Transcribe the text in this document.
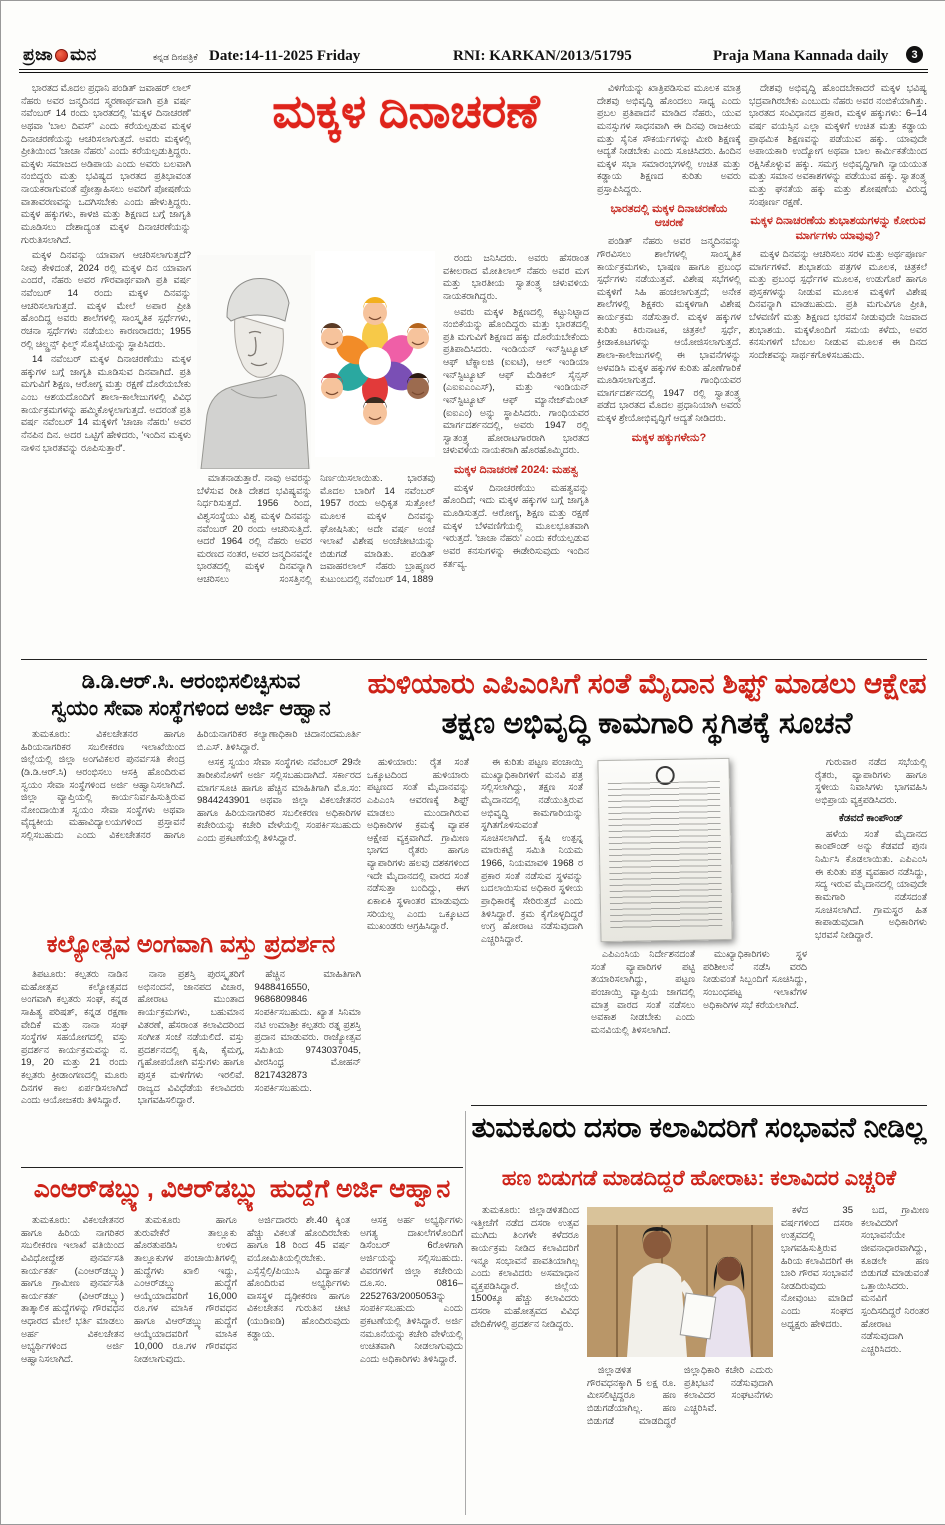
ಪ್ರಜಾ ಮನ	ಕನ್ನಡ ದಿನಪತ್ರಿಕೆ Date:14-11-2025 Friday	RNI: KARKAN/2013/51795	Praja Mana Kannada daily	3
ಮಕ್ಕಳ ದಿನಾಚರಣೆ

ಭಾರತದ ಮೊದಲ ಪ್ರಧಾನಿ ಪಂಡಿತ್ ಜವಾಹರ್ ಲಾಲ್ ನೆಹರು ಅವರ ಜನ್ಮದಿನದ ಸ್ಮರಣಾರ್ಥವಾಗಿ ಪ್ರತಿ ವರ್ಷ ನವೆಂಬರ್ 14 ರಂದು ಭಾರತದಲ್ಲಿ 'ಮಕ್ಕಳ ದಿನಾಚರಣೆ' ಅಥವಾ 'ಬಾಲ ದಿವಸ್' ಎಂದು ಕರೆಯಲ್ಪಡುವ ಮಕ್ಕಳ ದಿನಾಚರಣೆಯನ್ನು ಆಚರಿಸಲಾಗುತ್ತದೆ. ಅವರು ಮಕ್ಕಳಲ್ಲಿ ಪ್ರೀತಿಯಿಂದ 'ಚಾಚಾ ನೆಹರು' ಎಂದು ಕರೆಯಲ್ಪಡುತ್ತಿದ್ದರು. ಮಕ್ಕಳು ಸಮಾಜದ ಅಡಿಪಾಯ ಎಂದು ಅವರು ಬಲವಾಗಿ ನಂಬಿದ್ದರು ಮತ್ತು ಭವಿಷ್ಯದ ಭಾರತದ ಪ್ರತಿಭಾವಂತ ನಾಯಕರಾಗುವಂತೆ ಪ್ರೋತ್ಸಾಹಿಸಲು ಅವರಿಗೆ ಪೋಷಣೆಯ ವಾತಾವರಣವನ್ನು ಒದಗಿಸಬೇಕು ಎಂದು ಹೇಳುತ್ತಿದ್ದರು. ಮಕ್ಕಳ ಹಕ್ಕುಗಳು, ಕಾಳಜಿ ಮತ್ತು ಶಿಕ್ಷಣದ ಬಗ್ಗೆ ಜಾಗೃತಿ ಮೂಡಿಸಲು ದೇಶಾದ್ಯಂತ ಮಕ್ಕಳ ದಿನಾಚರಣೆಯನ್ನು ಗುರುತಿಸಲಾಗಿದೆ.

ಮಕ್ಕಳ ದಿನವನ್ನು ಯಾವಾಗ ಆಚರಿಸಲಾಗುತ್ತದೆ? ನೀವು ಕೇಳಿದಂತೆ, 2024 ರಲ್ಲಿ ಮಕ್ಕಳ ದಿನ ಯಾವಾಗ ಎಂದರೆ, ನೆಹರು ಅವರ ಗೌರವಾರ್ಥವಾಗಿ ಪ್ರತಿ ವರ್ಷ ನವೆಂಬರ್ 14 ರಂದು ಮಕ್ಕಳ ದಿನವನ್ನು ಆಚರಿಸಲಾಗುತ್ತದೆ. ಮಕ್ಕಳ ಮೇಲೆ ಅಪಾರ ಪ್ರೀತಿ ಹೊಂದಿದ್ದ ಅವರು ಶಾಲೆಗಳಲ್ಲಿ ಸಾಂಸ್ಕೃತಿಕ ಸ್ಪರ್ಧೆಗಳು, ರಚನಾ ಸ್ಪರ್ಧೆಗಳು ನಡೆಯಲು ಕಾರಣರಾದರು; 1955 ರಲ್ಲಿ ಚಿಲ್ಡ್ರನ್ಸ್ ಫಿಲ್ಮ್ ಸೊಸೈಟಿಯನ್ನು ಸ್ಥಾಪಿಸಿದರು.

14 ನವೆಂಬರ್ ಮಕ್ಕಳ ದಿನಾಚರಣೆಯು ಮಕ್ಕಳ ಹಕ್ಕುಗಳ ಬಗ್ಗೆ ಜಾಗೃತಿ ಮೂಡಿಸುವ ದಿನವಾಗಿದೆ. ಪ್ರತಿ ಮಗುವಿಗೆ ಶಿಕ್ಷಣ, ಆರೋಗ್ಯ ಮತ್ತು ರಕ್ಷಣೆ ದೊರೆಯಬೇಕು ಎಂಬ ಆಶಯದೊಂದಿಗೆ ಶಾಲಾ-ಕಾಲೇಜುಗಳಲ್ಲಿ ವಿವಿಧ ಕಾರ್ಯಕ್ರಮಗಳನ್ನು ಹಮ್ಮಿಕೊಳ್ಳಲಾಗುತ್ತದೆ. ಅದರಂತೆ ಪ್ರತಿ ವರ್ಷ ನವೆಂಬರ್ 14 ಮಕ್ಕಳಿಗೆ 'ಚಾಚಾ ನೆಹರು' ಅವರ ನೆನಪಿನ ದಿನ. ಅದರ ಒಟ್ಟಿಗೆ ಹೇಳಿದರು, 'ಇಂದಿನ ಮಕ್ಕಳು ನಾಳಿನ ಭಾರತವನ್ನು ರೂಪಿಸುತ್ತಾರೆ'.

ಮಾತನಾಡುತ್ತಾರೆ. ನಾವು ಅವರನ್ನು ಬೆಳೆಸುವ ರೀತಿ ದೇಶದ ಭವಿಷ್ಯವನ್ನು ನಿರ್ಧರಿಸುತ್ತದೆ. 1956 ರಿಂದ, ವಿಶ್ವಸಂಸ್ಥೆಯು ವಿಶ್ವ ಮಕ್ಕಳ ದಿನವನ್ನು ನವೆಂಬರ್ 20 ರಂದು ಆಚರಿಸುತ್ತಿದೆ. ಆದರೆ 1964 ರಲ್ಲಿ ನೆಹರು ಅವರ ಮರಣದ ನಂತರ, ಅವರ ಜನ್ಮದಿನವನ್ನೇ ಭಾರತದಲ್ಲಿ ಮಕ್ಕಳ ದಿನವನ್ನಾಗಿ ಆಚರಿಸಲು ಸಂಸತ್ತಿನಲ್ಲಿ ನಿರ್ಣಯಿಸಲಾಯಿತು. ಭಾರತವು ಮೊದಲ ಬಾರಿಗೆ 14 ನವೆಂಬರ್ 1957 ರಂದು ಅಧಿಕೃತ ಸುತ್ತೋಲೆ ಮೂಲಕ ಮಕ್ಕಳ ದಿನವನ್ನು ಘೋಷಿಸಿತು; ಅದೇ ವರ್ಷ ಅಂಚೆ ಇಲಾಖೆ ವಿಶೇಷ ಅಂಚೆಚೀಟಿಯನ್ನು ಬಿಡುಗಡೆ ಮಾಡಿತು. ಪಂಡಿತ್ ಜವಾಹರಲಾಲ್ ನೆಹರು ಬ್ರಾಹ್ಮಣರ ಕುಟುಂಬದಲ್ಲಿ ನವೆಂಬರ್ 14, 1889

ರಂದು ಜನಿಸಿದರು. ಅವರು ಹೆಸರಾಂತ ವಕೀಲರಾದ ಮೋತಿಲಾಲ್ ನೆಹರು ಅವರ ಮಗ ಮತ್ತು ಭಾರತೀಯ ಸ್ವಾತಂತ್ರ್ಯ ಚಳುವಳಿಯ ನಾಯಕರಾಗಿದ್ದರು.

ಅವರು ಮಕ್ಕಳ ಶಿಕ್ಷಣದಲ್ಲಿ ಕಟ್ಟುನಿಟ್ಟಾದ ನಂಬಿಕೆಯನ್ನು ಹೊಂದಿದ್ದರು ಮತ್ತು ಭಾರತದಲ್ಲಿ ಪ್ರತಿ ಮಗುವಿಗೆ ಶಿಕ್ಷಣದ ಹಕ್ಕು ದೊರೆಯಬೇಕೆಂದು ಪ್ರತಿಪಾದಿಸಿದರು. ಇಂಡಿಯನ್ ಇನ್‌ಸ್ಟಿಟ್ಯೂಟ್ ಆಫ್ ಟೆಕ್ನಾಲಜಿ (ಐಐಟಿ), ಆಲ್ ಇಂಡಿಯಾ ಇನ್‌ಸ್ಟಿಟ್ಯೂಟ್ ಆಫ್ ಮೆಡಿಕಲ್ ಸೈನ್ಸಸ್ (ಎಐಐಎಂಎಸ್), ಮತ್ತು ಇಂಡಿಯನ್ ಇನ್‌ಸ್ಟಿಟ್ಯೂಟ್ ಆಫ್ ಮ್ಯಾನೇಜ್‌ಮೆಂಟ್ (ಐಐಎಂ) ಅನ್ನು ಸ್ಥಾಪಿಸಿದರು. ಗಾಂಧಿಯವರ ಮಾರ್ಗದರ್ಶನದಲ್ಲಿ, ಅವರು 1947 ರಲ್ಲಿ ಸ್ವಾತಂತ್ರ್ಯ ಹೋರಾಟಗಾರರಾಗಿ ಭಾರತದ ಚಳುವಳಿಯ ನಾಯಕರಾಗಿ ಹೊರಹೊಮ್ಮಿದರು.

ಮಕ್ಕಳ ದಿನಾಚರಣೆ 2024: ಮಹತ್ವ

ಮಕ್ಕಳ ದಿನಾಚರಣೆಯು ಮಹತ್ವವನ್ನು ಹೊಂದಿದೆ; ಇದು ಮಕ್ಕಳ ಹಕ್ಕುಗಳ ಬಗ್ಗೆ ಜಾಗೃತಿ ಮೂಡಿಸುತ್ತದೆ. ಆರೋಗ್ಯ, ಶಿಕ್ಷಣ ಮತ್ತು ರಕ್ಷಣೆ ಮಕ್ಕಳ ಬೆಳವಣಿಗೆಯಲ್ಲಿ ಮೂಲಭೂತವಾಗಿ ಇರುತ್ತದೆ. 'ಚಾಚಾ ನೆಹರು' ಎಂದು ಕರೆಯಲ್ಪಡುವ ಅವರ ಕನಸುಗಳನ್ನು ಈಡೇರಿಸುವುದು ಇಂದಿನ ಕರ್ತವ್ಯ.

ವಿಳಿಗೆಯನ್ನು ಖಾತ್ರಿಪಡಿಸುವ ಮೂಲಕ ಮಾತ್ರ ದೇಶವು ಅಭಿವೃದ್ಧಿ ಹೊಂದಲು ಸಾಧ್ಯ ಎಂದು ಪ್ರಬಲ ಪ್ರತಿಪಾದನೆ ಮಾಡಿದ ನೆಹರು, ಯುವ ಮನಸ್ಸುಗಳ ಸಾಧನವಾಗಿ ಈ ದಿನವು ರಾಜಕೀಯ ಮತ್ತು ಸೈನಿಕ ಸೌಕರ್ಯಗಳನ್ನು ಮೀರಿ ಶಿಕ್ಷಣಕ್ಕೆ ಆದ್ಯತೆ ನೀಡಬೇಕು ಎಂದು ಸೂಚಿಸಿದರು. ಹಿಂದಿನ ಮಕ್ಕಳ ಸಭಾ ಸಮಾರಂಭಗಳಲ್ಲಿ ಉಚಿತ ಮತ್ತು ಕಡ್ಡಾಯ ಶಿಕ್ಷಣದ ಕುರಿತು ಅವರು ಪ್ರಸ್ತಾಪಿಸಿದ್ದರು.

ಭಾರತದಲ್ಲಿ ಮಕ್ಕಳ ದಿನಾಚರಣೆಯ ಆಚರಣೆ

ಪಂಡಿತ್ ನೆಹರು ಅವರ ಜನ್ಮದಿನವನ್ನು ಗೌರವಿಸಲು ಶಾಲೆಗಳಲ್ಲಿ ಸಾಂಸ್ಕೃತಿಕ ಕಾರ್ಯಕ್ರಮಗಳು, ಭಾಷಣ ಹಾಗೂ ಪ್ರಬಂಧ ಸ್ಪರ್ಧೆಗಳು ನಡೆಯುತ್ತವೆ. ವಿಶೇಷ ಸಭೆಗಳಲ್ಲಿ ಮಕ್ಕಳಿಗೆ ಸಿಹಿ ಹಂಚಲಾಗುತ್ತದೆ; ಅನೇಕ ಶಾಲೆಗಳಲ್ಲಿ ಶಿಕ್ಷಕರು ಮಕ್ಕಳಿಗಾಗಿ ವಿಶೇಷ ಕಾರ್ಯಕ್ರಮ ನಡೆಸುತ್ತಾರೆ. ಮಕ್ಕಳ ಹಕ್ಕುಗಳ ಕುರಿತು ಕಿರುನಾಟಕ, ಚಿತ್ರಕಲೆ ಸ್ಪರ್ಧೆ, ಕ್ರೀಡಾಕೂಟಗಳನ್ನು ಆಯೋಜಿಸಲಾಗುತ್ತದೆ. ಶಾಲಾ-ಕಾಲೇಜುಗಳಲ್ಲಿ ಈ ಭಾವನೆಗಳನ್ನು ಅಳವಡಿಸಿ ಮಕ್ಕಳ ಹಕ್ಕುಗಳ ಕುರಿತು ಹೊಣೆಗಾರಿಕೆ ಮೂಡಿಸಲಾಗುತ್ತದೆ. ಗಾಂಧಿಯವರ ಮಾರ್ಗದರ್ಶನದಲ್ಲಿ 1947 ರಲ್ಲಿ ಸ್ವಾತಂತ್ರ್ಯ ಪಡೆದ ಭಾರತದ ಮೊದಲ ಪ್ರಧಾನಿಯಾಗಿ ಅವರು ಮಕ್ಕಳ ಶ್ರೇಯೋಭಿವೃದ್ಧಿಗೆ ಆದ್ಯತೆ ನೀಡಿದರು.

ಮಕ್ಕಳ ಹಕ್ಕುಗಳೇನು?

ದೇಶವು ಅಭಿವೃದ್ಧಿ ಹೊಂದಬೇಕಾದರೆ ಮಕ್ಕಳ ಭವಿಷ್ಯ ಭದ್ರವಾಗಿರಬೇಕು ಎಂಬುದು ನೆಹರು ಅವರ ನಂಬಿಕೆಯಾಗಿತ್ತು. ಭಾರತದ ಸಂವಿಧಾನದ ಪ್ರಕಾರ, ಮಕ್ಕಳ ಹಕ್ಕುಗಳು: 6–14 ವರ್ಷ ವಯಸ್ಸಿನ ಎಲ್ಲಾ ಮಕ್ಕಳಿಗೆ ಉಚಿತ ಮತ್ತು ಕಡ್ಡಾಯ ಪ್ರಾಥಮಿಕ ಶಿಕ್ಷಣವನ್ನು ಪಡೆಯುವ ಹಕ್ಕು. ಯಾವುದೇ ಅಪಾಯಕಾರಿ ಉದ್ಯೋಗ ಅಥವಾ ಬಾಲ ಕಾರ್ಮಿಕತೆಯಿಂದ ರಕ್ಷಿಸಿಕೊಳ್ಳುವ ಹಕ್ಕು. ಸಮಗ್ರ ಅಭಿವೃದ್ಧಿಗಾಗಿ ನ್ಯಾಯಯುತ ಮತ್ತು ಸಮಾನ ಅವಕಾಶಗಳನ್ನು ಪಡೆಯುವ ಹಕ್ಕು. ಸ್ವಾತಂತ್ರ್ಯ ಮತ್ತು ಘನತೆಯ ಹಕ್ಕು ಮತ್ತು ಶೋಷಣೆಯ ವಿರುದ್ಧ ಸಂಪೂರ್ಣ ರಕ್ಷಣೆ.

ಮಕ್ಕಳ ದಿನಾಚರಣೆಯ ಶುಭಾಶಯಗಳನ್ನು ಕೋರುವ ಮಾರ್ಗಗಳು ಯಾವುವು?

ಮಕ್ಕಳ ದಿನವನ್ನು ಆಚರಿಸಲು ಸರಳ ಮತ್ತು ಅರ್ಥಪೂರ್ಣ ಮಾರ್ಗಗಳಿವೆ. ಶುಭಾಶಯ ಪತ್ರಗಳ ಮೂಲಕ, ಚಿತ್ರಕಲೆ ಮತ್ತು ಪ್ರಬಂಧ ಸ್ಪರ್ಧೆಗಳ ಮೂಲಕ, ಉಡುಗೊರೆ ಹಾಗೂ ಪುಸ್ತಕಗಳನ್ನು ನೀಡುವ ಮೂಲಕ ಮಕ್ಕಳಿಗೆ ವಿಶೇಷ ದಿನವನ್ನಾಗಿ ಮಾಡಬಹುದು. ಪ್ರತಿ ಮಗುವಿಗೂ ಪ್ರೀತಿ, ಬೆಳವಣಿಗೆ ಮತ್ತು ಶಿಕ್ಷಣದ ಭರವಸೆ ನೀಡುವುದೇ ನಿಜವಾದ ಶುಭಾಶಯ. ಮಕ್ಕಳೊಂದಿಗೆ ಸಮಯ ಕಳೆದು, ಅವರ ಕನಸುಗಳಿಗೆ ಬೆಂಬಲ ನೀಡುವ ಮೂಲಕ ಈ ದಿನದ ಸಂದೇಶವನ್ನು ಸಾರ್ಥಕಗೊಳಿಸಬಹುದು.

ಡಿ.ಡಿ.ಆರ್.ಸಿ. ಆರಂಭಿಸಲಿಚ್ಛಿಸುವ
ಸ್ವಯಂ ಸೇವಾ ಸಂಸ್ಥೆಗಳಿಂದ ಅರ್ಜಿ ಆಹ್ವಾನ

ತುಮಕೂರು: ವಿಕಲಚೇತನರ ಹಾಗೂ ಹಿರಿಯನಾಗರಿಕರ ಸಬಲೀಕರಣ ಇಲಾಖೆಯಿಂದ ಜಿಲ್ಲೆಯಲ್ಲಿ ಜಿಲ್ಲಾ ಅಂಗವಿಕಲರ ಪುನರ್ವಸತಿ ಕೇಂದ್ರ (ಡಿ.ಡಿ.ಆರ್.ಸಿ) ಆರಂಭಿಸಲು ಆಸಕ್ತಿ ಹೊಂದಿರುವ ಸ್ವಯಂ ಸೇವಾ ಸಂಸ್ಥೆಗಳಿಂದ ಅರ್ಜಿ ಆಹ್ವಾನಿಸಲಾಗಿದೆ. ಜಿಲ್ಲಾ ವ್ಯಾಪ್ತಿಯಲ್ಲಿ ಕಾರ್ಯನಿರ್ವಹಿಸುತ್ತಿರುವ ನೋಂದಾಯಿತ ಸ್ವಯಂ ಸೇವಾ ಸಂಸ್ಥೆಗಳು ಅಥವಾ ವೈದ್ಯಕೀಯ ಮಹಾವಿದ್ಯಾಲಯಗಳಿಂದ ಪ್ರಸ್ತಾವನೆ ಸಲ್ಲಿಸಬಹುದು ಎಂದು ವಿಕಲಚೇತನರ ಹಾಗೂ ಹಿರಿಯನಾಗರಿಕರ ಕಲ್ಯಾಣಾಧಿಕಾರಿ ಚಿದಾನಂದಮೂರ್ತಿ ಬಿ.ಎಸ್. ತಿಳಿಸಿದ್ದಾರೆ.

ಆಸಕ್ತ ಸ್ವಯಂ ಸೇವಾ ಸಂಸ್ಥೆಗಳು ನವೆಂಬರ್ 29ನೇ ತಾರೀಖಿನೊಳಗೆ ಅರ್ಜಿ ಸಲ್ಲಿಸಬಹುದಾಗಿದೆ. ಸರ್ಕಾರದ ಮಾರ್ಗಸೂಚಿ ಹಾಗೂ ಹೆಚ್ಚಿನ ಮಾಹಿತಿಗಾಗಿ ಮೊ.ಸಂ: 9844243901 ಅಥವಾ ಜಿಲ್ಲಾ ವಿಕಲಚೇತನರ ಹಾಗೂ ಹಿರಿಯನಾಗರಿಕರ ಸಬಲೀಕರಣ ಅಧಿಕಾರಿಗಳ ಕಚೇರಿಯನ್ನು ಕಚೇರಿ ವೇಳೆಯಲ್ಲಿ ಸಂಪರ್ಕಿಸಬಹುದು ಎಂದು ಪ್ರಕಟಣೆಯಲ್ಲಿ ತಿಳಿಸಿದ್ದಾರೆ.

ಕಲ್ಯೋತ್ಸವ ಅಂಗವಾಗಿ ವಸ್ತು ಪ್ರದರ್ಶನ

ತಿಪಟೂರು: ಕಲ್ಪತರು ನಾಡಿನ ಮಹೋತ್ಸವ ಕಲ್ಯೋತ್ಸವದ ಅಂಗವಾಗಿ ಕಲ್ಪತರು ಸಂಘ, ಕನ್ನಡ ಸಾಹಿತ್ಯ ಪರಿಷತ್, ಕನ್ನಡ ರಕ್ಷಣಾ ವೇದಿಕೆ ಮತ್ತು ನಾನಾ ಸಂಘ ಸಂಸ್ಥೆಗಳ ಸಹಯೋಗದಲ್ಲಿ ವಸ್ತು ಪ್ರದರ್ಶನ ಕಾರ್ಯಕ್ರಮವನ್ನು ನ. 19, 20 ಮತ್ತು 21 ರಂದು ಕಲ್ಪತರು ಕ್ರೀಡಾಂಗಣದಲ್ಲಿ ಮೂರು ದಿನಗಳ ಕಾಲ ಏರ್ಪಡಿಸಲಾಗಿದೆ ಎಂದು ಆಯೋಜಕರು ತಿಳಿಸಿದ್ದಾರೆ.

ನಾನಾ ಪ್ರಶಸ್ತಿ ಪುರಸ್ಕೃತರಿಗೆ ಅಭಿನಂದನೆ, ಜಾನಪದ ವಿಚಾರ, ಹೋರಾಟ ಮುಂತಾದ ಕಾರ್ಯಕ್ರಮಗಳು, ಬಹುಮಾನ ವಿತರಣೆ, ಹೆಸರಾಂತ ಕಲಾವಿದರಿಂದ ಸಂಗೀತ ಸಂಜೆ ನಡೆಯಲಿದೆ. ವಸ್ತು ಪ್ರದರ್ಶನದಲ್ಲಿ ಕೃಷಿ, ಕೈಮಗ್ಗ, ಗೃಹೋಪಯೋಗಿ ವಸ್ತುಗಳು ಹಾಗೂ ಪುಸ್ತಕ ಮಳಿಗೆಗಳು ಇರಲಿವೆ. ರಾಜ್ಯದ ವಿವಿಧೆಡೆಯ ಕಲಾವಿದರು ಭಾಗವಹಿಸಲಿದ್ದಾರೆ.

ಹೆಚ್ಚಿನ ಮಾಹಿತಿಗಾಗಿ 9488416550, 9686809846 ಸಂಪರ್ಕಿಸಬಹುದು. ಖ್ಯಾತ ಸಿನಿಮಾ ನಟಿ ಉಮಾಶ್ರೀ ಕಲ್ಪತರು ರತ್ನ ಪ್ರಶಸ್ತಿ ಪ್ರದಾನ ಮಾಡುವರು. ರಾಜ್ಯೋತ್ಸವ ಸಮಿತಿಯ 9743037045, ವೀರಸಿಂಧ್ರ ಮೋಹನ್ 8217432873 ಸಂಪರ್ಕಿಸಬಹುದು.

ಹುಳಿಯಾರು ಎಪಿಎಂಸಿಗೆ ಸಂತೆ ಮೈದಾನ ಶಿಫ್ಟ್ ಮಾಡಲು ಆಕ್ಷೇಪ
ತಕ್ಷಣ ಅಭಿವೃದ್ಧಿ ಕಾಮಗಾರಿ ಸ್ಥಗಿತಕ್ಕೆ ಸೂಚನೆ

ಹುಳಿಯಾರು: ರೈತ ಸಂತೆ ಒಕ್ಕೂಟದಿಂದ ಹುಳಿಯಾರು ಪಟ್ಟಣದ ಸಂತೆ ಮೈದಾನವನ್ನು ಎಪಿಎಂಸಿ ಆವರಣಕ್ಕೆ ಶಿಫ್ಟ್ ಮಾಡಲು ಮುಂದಾಗಿರುವ ಅಧಿಕಾರಿಗಳ ಕ್ರಮಕ್ಕೆ ವ್ಯಾಪಕ ಆಕ್ಷೇಪ ವ್ಯಕ್ತವಾಗಿದೆ. ಗ್ರಾಮೀಣ ಭಾಗದ ರೈತರು ಹಾಗೂ ವ್ಯಾಪಾರಿಗಳು ಹಲವು ದಶಕಗಳಿಂದ ಇದೇ ಮೈದಾನದಲ್ಲಿ ವಾರದ ಸಂತೆ ನಡೆಸುತ್ತಾ ಬಂದಿದ್ದು, ಈಗ ಏಕಾಏಕಿ ಸ್ಥಳಾಂತರ ಮಾಡುವುದು ಸರಿಯಲ್ಲ ಎಂದು ಒಕ್ಕೂಟದ ಮುಖಂಡರು ಆಗ್ರಹಿಸಿದ್ದಾರೆ.

ಈ ಕುರಿತು ಪಟ್ಟಣ ಪಂಚಾಯ್ತಿ ಮುಖ್ಯಾಧಿಕಾರಿಗಳಿಗೆ ಮನವಿ ಪತ್ರ ಸಲ್ಲಿಸಲಾಗಿದ್ದು, ತಕ್ಷಣ ಸಂತೆ ಮೈದಾನದಲ್ಲಿ ನಡೆಯುತ್ತಿರುವ ಅಭಿವೃದ್ಧಿ ಕಾಮಗಾರಿಯನ್ನು ಸ್ಥಗಿತಗೊಳಿಸುವಂತೆ ಸೂಚಿಸಲಾಗಿದೆ. ಕೃಷಿ ಉತ್ಪನ್ನ ಮಾರುಕಟ್ಟೆ ಸಮಿತಿ ನಿಯಮ 1966, ನಿಯಮಾವಳಿ 1968 ರ ಪ್ರಕಾರ ಸಂತೆ ನಡೆಸುವ ಸ್ಥಳವನ್ನು ಬದಲಾಯಿಸುವ ಅಧಿಕಾರ ಸ್ಥಳೀಯ ಪ್ರಾಧಿಕಾರಕ್ಕೆ ಸೇರಿರುತ್ತದೆ ಎಂದು ತಿಳಿಸಿದ್ದಾರೆ. ಕ್ರಮ ಕೈಗೊಳ್ಳದಿದ್ದರೆ ಉಗ್ರ ಹೋರಾಟ ನಡೆಸುವುದಾಗಿ ಎಚ್ಚರಿಸಿದ್ದಾರೆ.

ಎಪಿಎಂಸಿಯ ನಿರ್ದೇಶನದಂತೆ ಸಂತೆ ವ್ಯಾಪಾರಿಗಳ ಪಟ್ಟಿ ತಯಾರಿಸಲಾಗಿದ್ದು, ಪಟ್ಟಣ ಪಂಚಾಯ್ತಿ ವ್ಯಾಪ್ತಿಯ ಜಾಗದಲ್ಲಿ ಮಾತ್ರ ವಾರದ ಸಂತೆ ನಡೆಸಲು ಅವಕಾಶ ನೀಡಬೇಕು ಎಂದು ಮನವಿಯಲ್ಲಿ ತಿಳಿಸಲಾಗಿದೆ.

ಮುಖ್ಯಾಧಿಕಾರಿಗಳು ಸ್ಥಳ ಪರಿಶೀಲನೆ ನಡೆಸಿ ವರದಿ ನೀಡುವಂತೆ ಸಿಬ್ಬಂದಿಗೆ ಸೂಚಿಸಿದ್ದು, ಸಂಬಂಧಪಟ್ಟ ಇಲಾಖೆಗಳ ಅಧಿಕಾರಿಗಳ ಸಭೆ ಕರೆಯಲಾಗಿದೆ.

ಗುರುವಾರ ನಡೆದ ಸಭೆಯಲ್ಲಿ ರೈತರು, ವ್ಯಾಪಾರಿಗಳು ಹಾಗೂ ಸ್ಥಳೀಯ ನಿವಾಸಿಗಳು ಭಾಗವಹಿಸಿ ಅಭಿಪ್ರಾಯ ವ್ಯಕ್ತಪಡಿಸಿದರು.

ಕೆಡವದೆ ಕಾಂಪೌಂಡ್

ಹಳೆಯ ಸಂತೆ ಮೈದಾನದ ಕಾಂಪೌಂಡ್ ಅನ್ನು ಕೆಡವದೆ ಪುನಃ ನಿರ್ಮಿಸಿ ಕೊಡಲಾಯಿತು. ಎಪಿಎಂಸಿ ಈ ಕುರಿತು ಪತ್ರ ವ್ಯವಹಾರ ನಡೆಸಿದ್ದು, ಸದ್ಯ ಇರುವ ಮೈದಾನದಲ್ಲಿ ಯಾವುದೇ ಕಾಮಗಾರಿ ನಡೆಸದಂತೆ ಸೂಚಿಸಲಾಗಿದೆ. ಗ್ರಾಮಸ್ಥರ ಹಿತ ಕಾಪಾಡುವುದಾಗಿ ಅಧಿಕಾರಿಗಳು ಭರವಸೆ ನೀಡಿದ್ದಾರೆ.

ತುಮಕೂರು ದಸರಾ ಕಲಾವಿದರಿಗೆ ಸಂಭಾವನೆ ನೀಡಿಲ್ಲ
ಹಣ ಬಿಡುಗಡೆ ಮಾಡದಿದ್ದರೆ ಹೋರಾಟ: ಕಲಾವಿದರ ಎಚ್ಚರಿಕೆ

ತುಮಕೂರು: ಜಿಲ್ಲಾಡಳಿತದಿಂದ ಇತ್ತೀಚೆಗೆ ನಡೆದ ದಸರಾ ಉತ್ಸವ ಮುಗಿದು ತಿ೦ಗಳೇ ಕಳೆದರೂ ಕಾರ್ಯಕ್ರಮ ನೀಡಿದ ಕಲಾವಿದರಿಗೆ ಇನ್ನೂ ಸಂಭಾವನೆ ಪಾವತಿಯಾಗಿಲ್ಲ ಎಂದು ಕಲಾವಿದರು ಅಸಮಾಧಾನ ವ್ಯಕ್ತಪಡಿಸಿದ್ದಾರೆ. ಜಿಲ್ಲೆಯ 1500ಕ್ಕೂ ಹೆಚ್ಚು ಕಲಾವಿದರು ದಸರಾ ಮಹೋತ್ಸವದ ವಿವಿಧ ವೇದಿಕೆಗಳಲ್ಲಿ ಪ್ರದರ್ಶನ ನೀಡಿದ್ದರು.

ಜಿಲ್ಲಾಡಳಿತ ಗೌರವಧನಕ್ಕಾಗಿ 5 ಲಕ್ಷ ರೂ. ಮೀಸಲಿಟ್ಟಿದ್ದರೂ ಹಣ ಬಿಡುಗಡೆಯಾಗಿಲ್ಲ. ಹಣ ಬಿಡುಗಡೆ ಮಾಡದಿದ್ದರೆ ಜಿಲ್ಲಾಧಿಕಾರಿ ಕಚೇರಿ ಎದುರು ಪ್ರತಿಭಟನೆ ನಡೆಸುವುದಾಗಿ ಕಲಾವಿದರ ಸಂಘಟನೆಗಳು ಎಚ್ಚರಿಸಿವೆ.

ಕಳೆದ 35 ವರ್ಷಗಳಿಂದ ದಸರಾ ಉತ್ಸವದಲ್ಲಿ ಭಾಗವಹಿಸುತ್ತಿರುವ ಹಿರಿಯ ಕಲಾವಿದರಿಗೆ ಈ ಬಾರಿ ಗೌರವ ಸಂಭಾವನೆ ನೀಡದಿರುವುದು ನೋವುಂಟು ಮಾಡಿದೆ ಎಂದು ಸಂಘದ ಅಧ್ಯಕ್ಷರು ಹೇಳಿದರು.

ಬದ, ಗ್ರಾಮೀಣ ಕಲಾವಿದರಿಗೆ ಸಂಭಾವನೆಯೇ ಜೀವನಾಧಾರವಾಗಿದ್ದು, ಕೂಡಲೇ ಹಣ ಬಿಡುಗಡೆ ಮಾಡುವಂತೆ ಒತ್ತಾಯಿಸಿದರು. ಮನವಿಗೆ ಸ್ಪಂದಿಸದಿದ್ದರೆ ನಿರಂತರ ಹೋರಾಟ ನಡೆಸುವುದಾಗಿ ಎಚ್ಚರಿಸಿದರು.

ಎಂಆರ್‌ಡಬ್ಲ್ಯು, ವಿಆರ್‌ಡಬ್ಲ್ಯು ಹುದ್ದೆಗೆ ಅರ್ಜಿ ಆಹ್ವಾನ

ತುಮಕೂರು: ವಿಕಲಚೇತನರ ಹಾಗೂ ಹಿರಿಯ ನಾಗರಿಕರ ಸಬಲೀಕರಣ ಇಲಾಖೆ ವತಿಯಿಂದ ವಿವಿಧೋದ್ದೇಶ ಪುನರ್ವಸತಿ ಕಾರ್ಯಕರ್ತ (ಎಂಆರ್‌ಡಬ್ಲ್ಯು) ಹಾಗೂ ಗ್ರಾಮೀಣ ಪುನರ್ವಸತಿ ಕಾರ್ಯಕರ್ತ (ವಿಆರ್‌ಡಬ್ಲ್ಯು) ತಾತ್ಕಾಲಿಕ ಹುದ್ದೆಗಳನ್ನು ಗೌರವಧನ ಆಧಾರದ ಮೇಲೆ ಭರ್ತಿ ಮಾಡಲು ಅರ್ಹ ವಿಕಲಚೇತನ ಅಭ್ಯರ್ಥಿಗಳಿಂದ ಅರ್ಜಿ ಆಹ್ವಾನಿಸಲಾಗಿದೆ.

ತುಮಕೂರು ಹಾಗೂ ತುರುವೇಕೆರೆ ತಾಲ್ಲೂಕು ಹೊರತುಪಡಿಸಿ ಉಳಿದ ತಾಲ್ಲೂಕುಗಳ ಪಂಚಾಯಿತಿಗಳಲ್ಲಿ ಹುದ್ದೆಗಳು ಖಾಲಿ ಇದ್ದು, ಎಂಆರ್‌ಡಬ್ಲ್ಯು ಹುದ್ದೆಗೆ ಆಯ್ಕೆಯಾದವರಿಗೆ 16,000 ರೂ.ಗಳ ಮಾಸಿಕ ಗೌರವಧನ ಹಾಗೂ ವಿಆರ್‌ಡಬ್ಲ್ಯು ಹುದ್ದೆಗೆ ಆಯ್ಕೆಯಾದವರಿಗೆ ಮಾಸಿಕ 10,000 ರೂ.ಗಳ ಗೌರವಧನ ನೀಡಲಾಗುವುದು.

ಅರ್ಜಿದಾರರು ಶೇ.40 ಕ್ಕಿಂತ ಹೆಚ್ಚು ವಿಕಲತೆ ಹೊಂದಿರಬೇಕು ಹಾಗೂ 18 ರಿಂದ 45 ವರ್ಷ ವಯೋಮಿತಿಯಲ್ಲಿರಬೇಕು. ಎಸ್ಸೆಸ್ಸೆಲ್ಸಿ/ಪಿಯುಸಿ ವಿದ್ಯಾರ್ಹತೆ ಹೊಂದಿರುವ ಅಭ್ಯರ್ಥಿಗಳು ವಾಸಸ್ಥಳ ದೃಢೀಕರಣ ಹಾಗೂ ವಿಕಲಚೇತನ ಗುರುತಿನ ಚೀಟಿ (ಯುಡಿಐಡಿ) ಹೊಂದಿರುವುದು ಕಡ್ಡಾಯ.

ಆಸಕ್ತ ಅರ್ಹ ಅಭ್ಯರ್ಥಿಗಳು ಅಗತ್ಯ ದಾಖಲೆಗಳೊಂದಿಗೆ ಡಿಸೆಂಬರ್ 6ರೊಳಗಾಗಿ ಅರ್ಜಿಯನ್ನು ಸಲ್ಲಿಸಬಹುದು. ವಿವರಗಳಿಗೆ ಜಿಲ್ಲಾ ಕಚೇರಿಯ ದೂ.ಸಂ. 0816–2252763/2005053ನ್ನು ಸಂಪರ್ಕಿಸಬಹುದು ಎಂದು ಪ್ರಕಟಣೆಯಲ್ಲಿ ತಿಳಿಸಿದ್ದಾರೆ. ಅರ್ಜಿ ನಮೂನೆಯನ್ನು ಕಚೇರಿ ವೇಳೆಯಲ್ಲಿ ಉಚಿತವಾಗಿ ನೀಡಲಾಗುವುದು ಎಂದು ಅಧಿಕಾರಿಗಳು ತಿಳಿಸಿದ್ದಾರೆ.
